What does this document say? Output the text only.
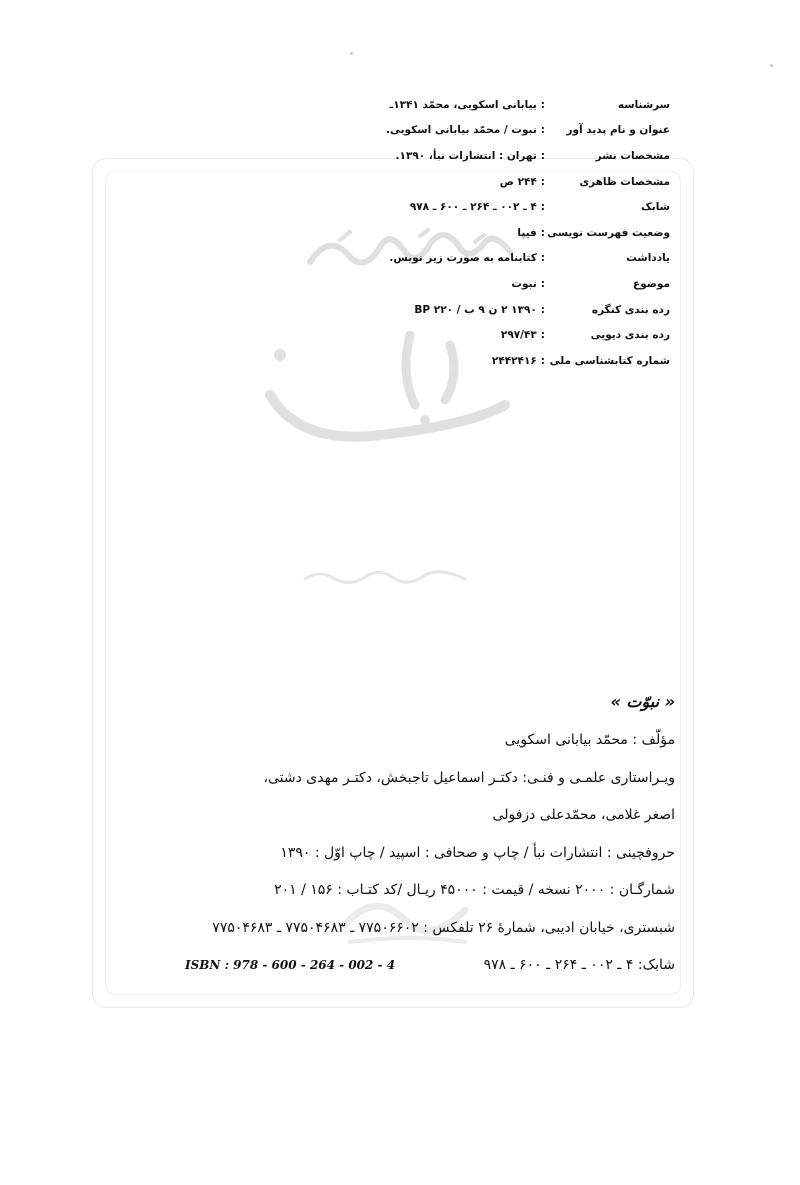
سرشناسه
:بیابانی اسکویی، محمّد ۱۳۴۱ـ
عنوان و نام پدید آور
:نبوت / محمّد بیابانی اسکویی.
مشخصات نشر
:تهران : انتشارات نبأ، ۱۳۹۰.
مشخصات ظاهری
:۲۴۴ ص
شابک
:۴ ـ ۰۰۲ ـ ۲۶۴ ـ ۶۰۰ ـ ۹۷۸
وضعیت فهرست نویسی
:فیپا
یادداشت
:کتابنامه به صورت زیر نویس.
موضوع
:نبوت
رده بندی کنگره
:۱۳۹۰ ۲ ن ۹ ب / ۲۲۰ BP
رده بندی دیویی
:۲۹۷/۴۳
شماره کتابشناسی ملی
:۲۴۴۲۴۱۶
« نبوّت »
مؤلّف : محمّد بیابانی اسکویی
ویـراستاری علمـی و فنـی: دکتـر اسماعیل تاجبخش، دکتـر مهدی دشتی،
اصغر غلامی، محمّدعلی دزفولی
حروفچینی : انتشارات نبأ / چاپ و صحافی : اسپید / چاپ اوّل : ۱۳۹۰
شمارگـان : ۲۰۰۰ نسخه / قیمت : ۴۵۰۰۰ ریـال /کد کتـاب : ۱۵۶ / ۲۰۱
شبستری، خیابان ادیبی، شمارهٔ ۲۶ تلفکس : ۷۷۵۰۶۶۰۲ ـ ۷۷۵۰۴۶۸۳ ـ ۷۷۵۰۴۶۸۳
شابک: ۴ ـ ۰۰۲ ـ ۲۶۴ ـ ۶۰۰ ـ ۹۷۸
ISBN : 978 - 600 - 264 - 002 - 4
